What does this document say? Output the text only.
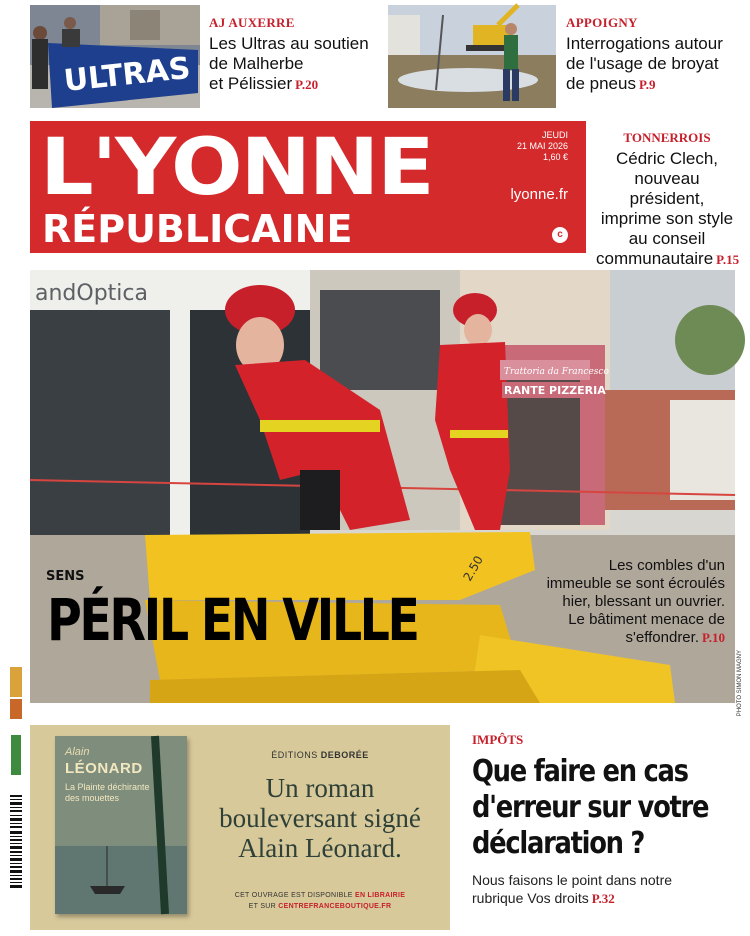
ULTRAS
AJ AUXERRE
Les Ultras au soutien
de Malherbe
et Pélissier P.20
APPOIGNY
Interrogations autour
de l'usage de broyat
de pneus P.9
L'YONNE
RÉPUBLICAINE
JEUDI
21 MAI 2026
1,60 €
lyonne.fr
c
TONNERROIS
Cédric Clech,
nouveau président,
imprime son style
au conseil
communautaire P.15
2.50
andOptica
Trattoria da Francesco
RANTE PIZZERIA
SENS
PÉRIL EN VILLE
Les combles d'un
immeuble se sont écroulés
hier, blessant un ouvrier.
Le bâtiment menace de
s'effondrer. P.10
PHOTO SIMON MAGNY
Alain
LÉONARD
La Plainte déchirante
des mouettes
ÉDITIONS DEBORÉE
Un roman
bouleversant signé
Alain Léonard.
CET OUVRAGE EST DISPONIBLE EN LIBRAIRIE
ET SUR CENTREFRANCEBOUTIQUE.FR
IMPÔTS
Que faire en cas
d'erreur sur votre
déclaration ?
Nous faisons le point dans notre
rubrique Vos droits P.32
